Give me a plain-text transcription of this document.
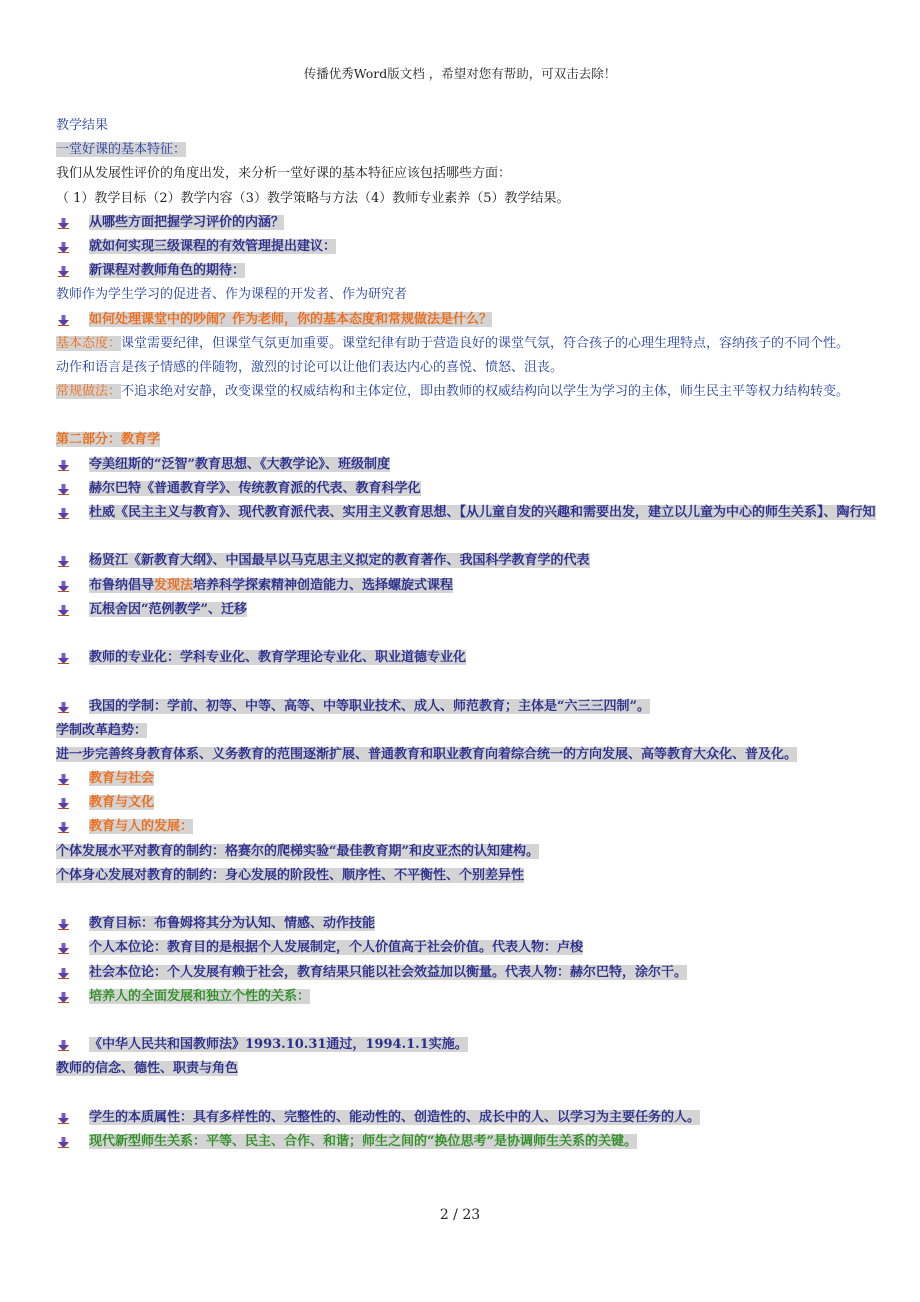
传播优秀Word版文档 ，希望对您有帮助，可双击去除！
教学结果
一堂好课的基本特征：
我们从发展性评价的角度出发，来分析一堂好课的基本特征应该包括哪些方面：
（ 1）教学目标（2）教学内容（3）教学策略与方法（4）教师专业素养（5）教学结果。
从哪些方面把握学习评价的内涵？
就如何实现三级课程的有效管理提出建议：
新课程对教师角色的期待：
教师作为学生学习的促进者、作为课程的开发者、作为研究者
如何处理课堂中的吵闹？作为老师，你的基本态度和常规做法是什么？
基本态度：课堂需要纪律，但课堂气氛更加重要。课堂纪律有助于营造良好的课堂气氛，符合孩子的心理生理特点，容纳孩子的不同个性。
动作和语言是孩子情感的伴随物，激烈的讨论可以让他们表达内心的喜悦、愤怒、沮丧。
常规做法：不追求绝对安静，改变课堂的权威结构和主体定位，即由教师的权威结构向以学生为学习的主体，师生民主平等权力结构转变。
第二部分：教育学
夸美纽斯的“泛智”教育思想、《大教学论》、班级制度
赫尔巴特《普通教育学》、传统教育派的代表、教育科学化
杜威《民主主义与教育》、现代教育派代表、实用主义教育思想、【从儿童自发的兴趣和需要出发，建立以儿童为中心的师生关系】、陶行知
杨贤江《新教育大纲》、中国最早以马克思主义拟定的教育著作、我国科学教育学的代表
布鲁纳倡导发现法培养科学探索精神创造能力、选择螺旋式课程
瓦根舍因“范例教学”、迁移
教师的专业化：学科专业化、教育学理论专业化、职业道德专业化
我国的学制：学前、初等、中等、高等、中等职业技术、成人、师范教育；主体是“六三三四制”。
学制改革趋势：
进一步完善终身教育体系、义务教育的范围逐渐扩展、普通教育和职业教育向着综合统一的方向发展、高等教育大众化、普及化。
教育与社会
教育与文化
教育与人的发展：
个体发展水平对教育的制约：格赛尔的爬梯实验“最佳教育期”和皮亚杰的认知建构。
个体身心发展对教育的制约：身心发展的阶段性、顺序性、不平衡性、个别差异性
教育目标：布鲁姆将其分为认知、情感、动作技能
个人本位论：教育目的是根据个人发展制定，个人价值高于社会价值。代表人物：卢梭
社会本位论：个人发展有赖于社会，教育结果只能以社会效益加以衡量。代表人物：赫尔巴特，涂尔干。
培养人的全面发展和独立个性的关系：
《中华人民共和国教师法》1993.10.31通过，1994.1.1实施。
教师的信念、德性、职责与角色
学生的本质属性：具有多样性的、完整性的、能动性的、创造性的、成长中的人、以学习为主要任务的人。
现代新型师生关系：平等、民主、合作、和谐；师生之间的“换位思考”是协调师生关系的关键。
2 / 23
